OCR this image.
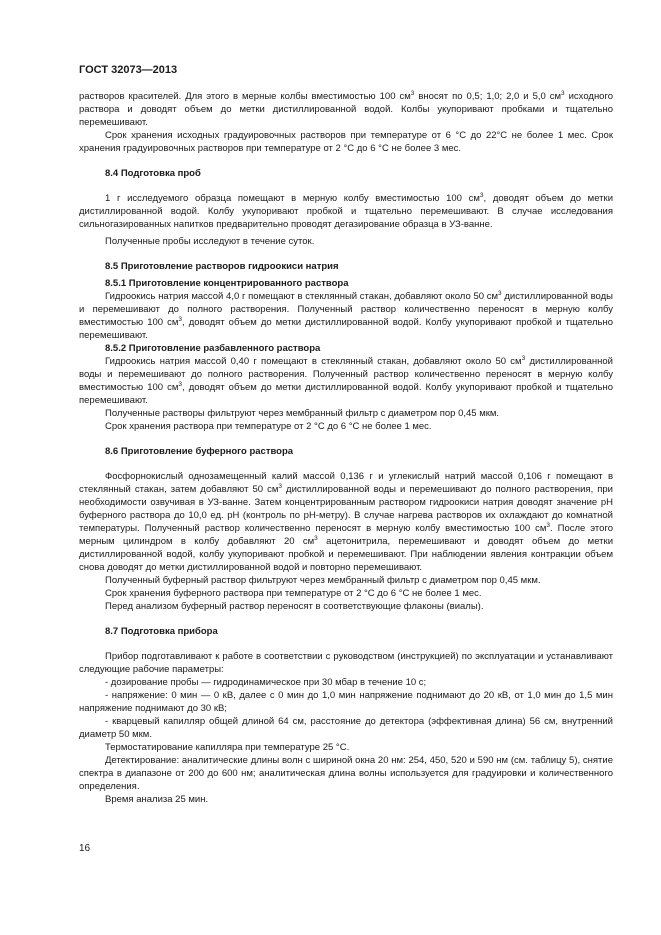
ГОСТ 32073—2013

растворов красителей. Для этого в мерные колбы вместимостью 100 $см^3$ вносят по 0,5; 1,0; 2,0 и 5,0 $см^3$ исходного раствора и доводят объем до метки дистиллированной водой. Колбы укупоривают пробками и тщательно перемешивают.

Срок хранения исходных градуировочных растворов при температуре от 6 °С до 22°С не более 1 мес. Срок хранения градуировочных растворов при температуре от 2 °С до 6 °С не более 3 мес.

8.4 Подготовка проб

1 г исследуемого образца помещают в мерную колбу вместимостью 100 $см^3$, доводят объем до метки дистиллированной водой. Колбу укупоривают пробкой и тщательно перемешивают. В случае исследования сильногазированных напитков предварительно проводят дегазирование образца в УЗ-ванне.

Полученные пробы исследуют в течение суток.

8.5 Приготовление растворов гидроокиси натрия

8.5.1 Приготовление концентрированного раствора

Гидроокись натрия массой 4,0 г помещают в стеклянный стакан, добавляют около 50 $см^3$ дистиллированной воды и перемешивают до полного растворения. Полученный раствор количественно переносят в мерную колбу вместимостью 100 $см^3$, доводят объем до метки дистиллированной водой. Колбу укупоривают пробкой и тщательно перемешивают.

8.5.2 Приготовление разбавленного раствора

Гидроокись натрия массой 0,40 г помещают в стеклянный стакан, добавляют около 50 $см^3$ дистиллированной воды и перемешивают до полного растворения. Полученный раствор количественно переносят в мерную колбу вместимостью 100 $см^3$, доводят объем до метки дистиллированной водой. Колбу укупоривают пробкой и тщательно перемешивают.

Полученные растворы фильтруют через мембранный фильтр с диаметром пор 0,45 мкм.

Срок хранения раствора при температуре от 2 °С до 6 °С не более 1 мес.

8.6 Приготовление буферного раствора

Фосфорнокислый однозамещенный калий массой 0,136 г и углекислый натрий массой 0,106 г помещают в стеклянный стакан, затем добавляют 50 $см^3$ дистиллированной воды и перемешивают до полного растворения, при необходимости озвучивая в УЗ-ванне. Затем концентрированным раствором гидроокиси натрия доводят значение рН буферного раствора до 10,0 ед. рН (контроль по рН-метру). В случае нагрева растворов их охлаждают до комнатной температуры. Полученный раствор количественно переносят в мерную колбу вместимостью 100 $см^3$. После этого мерным цилиндром в колбу добавляют 20 $см^3$ ацетонитрила, перемешивают и доводят объем до метки дистиллированной водой, колбу укупоривают пробкой и перемешивают. При наблюдении явления контракции объем снова доводят до метки дистиллированной водой и повторно перемешивают.

Полученный буферный раствор фильтруют через мембранный фильтр с диаметром пор 0,45 мкм.

Срок хранения буферного раствора при температуре от 2 °С до 6 °С не более 1 мес.

Перед анализом буферный раствор переносят в соответствующие флаконы (виалы).

8.7 Подготовка прибора

Прибор подготавливают к работе в соответствии с руководством (инструкцией) по эксплуатации и устанавливают следующие рабочие параметры:

- дозирование пробы — гидродинамическое при 30 мбар в течение 10 с;

- напряжение: 0 мин — 0 кВ, далее с 0 мин до 1,0 мин напряжение поднимают до 20 кВ, от 1,0 мин до 1,5 мин напряжение поднимают до 30 кВ;

- кварцевый капилляр общей длиной 64 см, расстояние до детектора (эффективная длина) 56 см, внутренний диаметр 50 мкм.

Термостатирование капилляра при температуре 25 °С.

Детектирование: аналитические длины волн с шириной окна 20 нм: 254, 450, 520 и 590 нм (см. таблицу 5), снятие спектра в диапазоне от 200 до 600 нм; аналитическая длина волны используется для градуировки и количественного определения.

Время анализа 25 мин.

16
